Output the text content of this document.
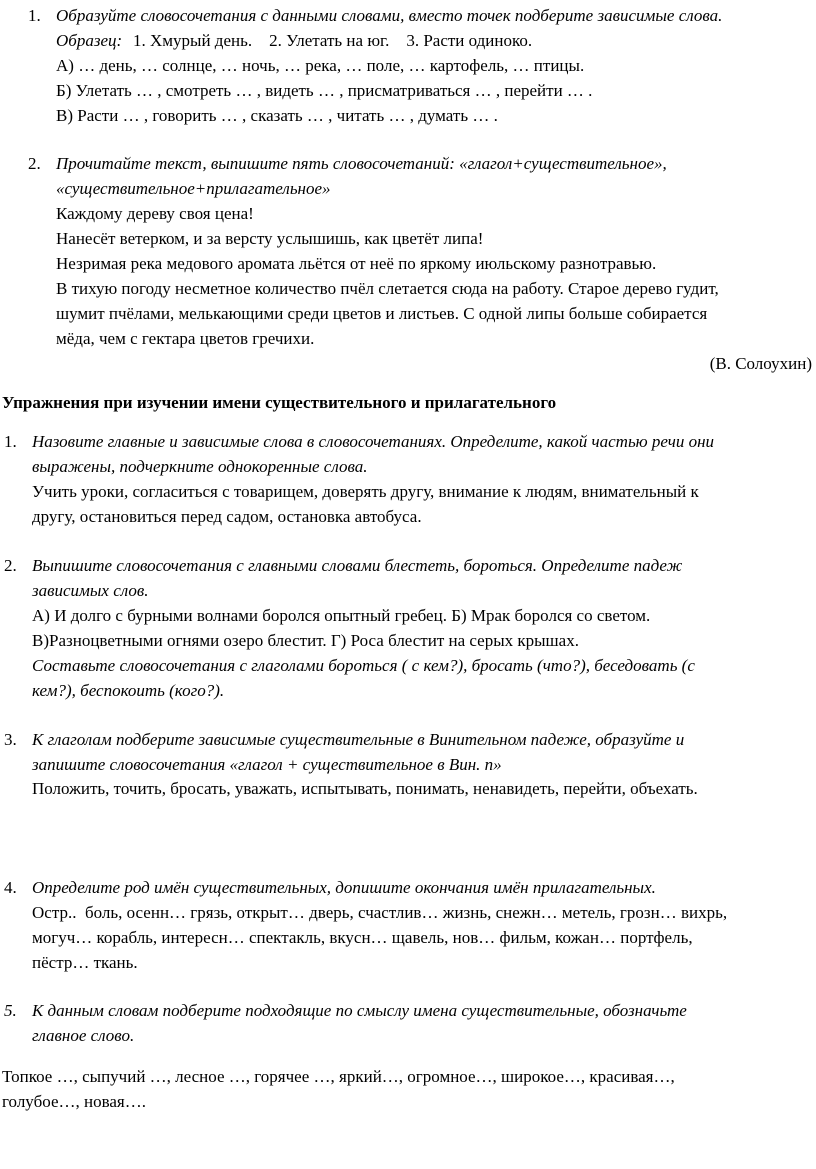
1. Образуйте словосочетания с данными словами, вместо точек подберите зависимые слова.
Образец: 1. Хмурый день.    2. Улетать на юг.    3. Расти одиноко.
А) … день, … солнце, … ночь, … река, … поле, … картофель, … птицы.
Б) Улетать … , смотреть … , видеть … , присматриваться … , перейти … .
В) Расти … , говорить … , сказать … , читать … , думать … .
2. Прочитайте текст, выпишите пять словосочетаний: «глагол+существительное»,
«существительное+прилагательное»
Каждому дереву своя цена!
Нанесёт ветерком, и за версту услышишь, как цветёт липа!
Незримая река медового аромата льётся от неё по яркому июльскому разнотравью.
В тихую погоду несметное количество пчёл слетается сюда на работу. Старое дерево гудит,
шумит пчёлами, мелькающими среди цветов и листьев. С одной липы больше собирается
мёда, чем с гектара цветов гречихи.
(В. Солоухин)
Упражнения при изучении имени существительного и прилагательного
1. Назовите главные и зависимые слова в словосочетаниях. Определите, какой частью речи они
выражены, подчеркните однокоренные слова.
Учить уроки, согласиться с товарищем, доверять другу, внимание к людям, внимательный к
другу, остановиться перед садом, остановка автобуса.
2. Выпишите словосочетания с главными словами блестеть, бороться. Определите падеж
зависимых слов.
А) И долго с бурными волнами боролся опытный гребец. Б) Мрак боролся со светом.
В)Разноцветными огнями озеро блестит. Г) Роса блестит на серых крышах.
Составьте словосочетания с глаголами бороться ( с кем?), бросать (что?), беседовать (с
кем?), беспокоить (кого?).
3. К глаголам подберите зависимые существительные в Винительном падеже, образуйте и
запишите словосочетания «глагол + существительное в Вин. п»
Положить, точить, бросать, уважать, испытывать, понимать, ненавидеть, перейти, объехать.
4. Определите род имён существительных, допишите окончания имён прилагательных.
Остр..  боль, осенн… грязь, открыт… дверь, счастлив… жизнь, снежн… метель, грозн… вихрь,
могуч… корабль, интересн… спектакль, вкусн… щавель, нов… фильм, кожан… портфель,
пёстр… ткань.
5. К данным словам подберите подходящие по смыслу имена существительные, обозначьте
главное слово.
Топкое …, сыпучий …, лесное …, горячее …, яркий…, огромное…, широкое…, красивая…,
голубое…, новая….
